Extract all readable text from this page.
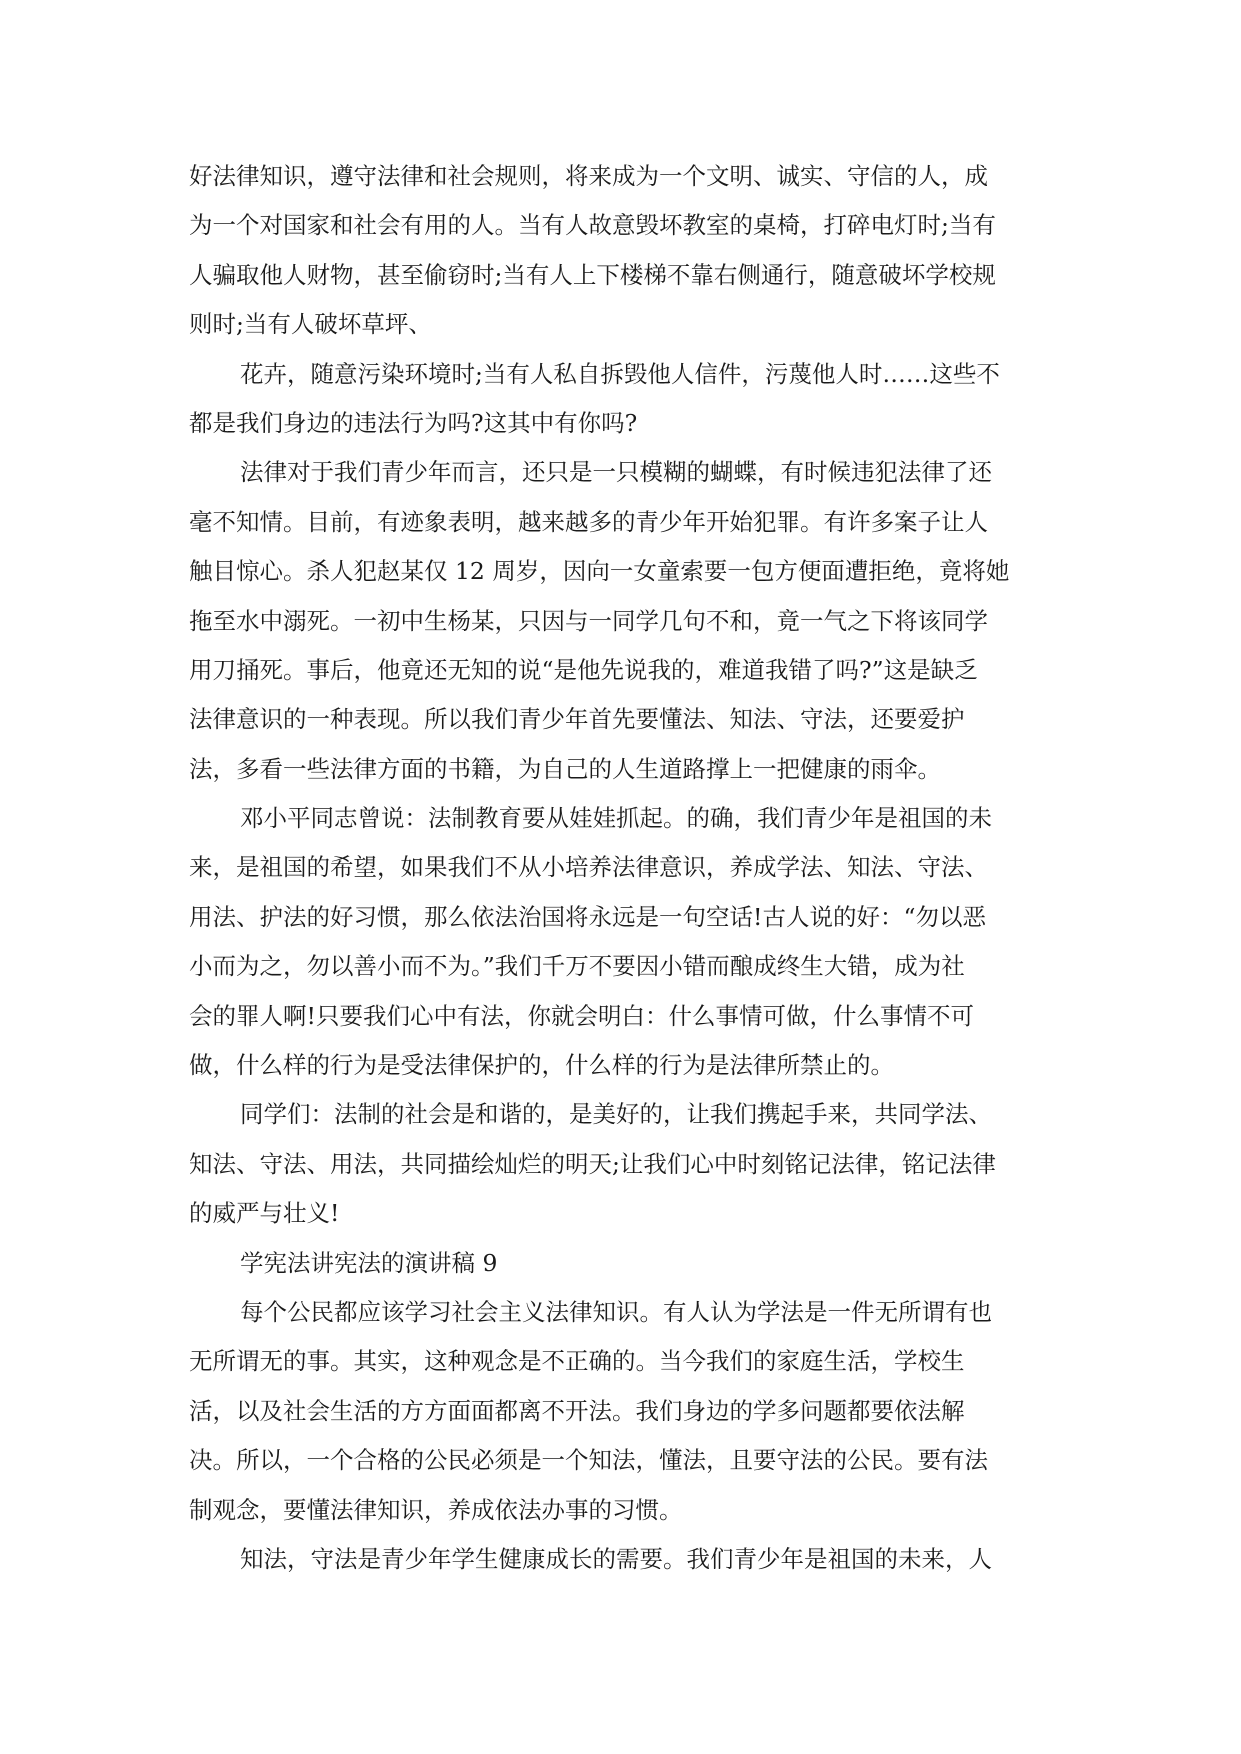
好法律知识，遵守法律和社会规则，将来成为一个文明、诚实、守信的人，成
为一个对国家和社会有用的人。当有人故意毁坏教室的桌椅，打碎电灯时;当有
人骗取他人财物，甚至偷窃时;当有人上下楼梯不靠右侧通行，随意破坏学校规
则时;当有人破坏草坪、
花卉，随意污染环境时;当有人私自拆毁他人信件，污蔑他人时……这些不
都是我们身边的违法行为吗?这其中有你吗?
法律对于我们青少年而言，还只是一只模糊的蝴蝶，有时候违犯法律了还
毫不知情。目前，有迹象表明，越来越多的青少年开始犯罪。有许多案子让人
触目惊心。杀人犯赵某仅 12 周岁，因向一女童索要一包方便面遭拒绝，竟将她
拖至水中溺死。一初中生杨某，只因与一同学几句不和，竟一气之下将该同学
用刀捅死。事后，他竟还无知的说“是他先说我的，难道我错了吗?”这是缺乏
法律意识的一种表现。所以我们青少年首先要懂法、知法、守法，还要爱护
法，多看一些法律方面的书籍，为自己的人生道路撑上一把健康的雨伞。
邓小平同志曾说：法制教育要从娃娃抓起。的确，我们青少年是祖国的未
来，是祖国的希望，如果我们不从小培养法律意识，养成学法、知法、守法、
用法、护法的好习惯，那么依法治国将永远是一句空话!古人说的好：“勿以恶
小而为之，勿以善小而不为。”我们千万不要因小错而酿成终生大错，成为社
会的罪人啊!只要我们心中有法，你就会明白：什么事情可做，什么事情不可
做，什么样的行为是受法律保护的，什么样的行为是法律所禁止的。
同学们：法制的社会是和谐的，是美好的，让我们携起手来，共同学法、
知法、守法、用法，共同描绘灿烂的明天;让我们心中时刻铭记法律，铭记法律
的威严与壮义!
学宪法讲宪法的演讲稿 9
每个公民都应该学习社会主义法律知识。有人认为学法是一件无所谓有也
无所谓无的事。其实，这种观念是不正确的。当今我们的家庭生活，学校生
活，以及社会生活的方方面面都离不开法。我们身边的学多问题都要依法解
决。所以，一个合格的公民必须是一个知法，懂法，且要守法的公民。要有法
制观念，要懂法律知识，养成依法办事的习惯。
知法，守法是青少年学生健康成长的需要。我们青少年是祖国的未来，人
